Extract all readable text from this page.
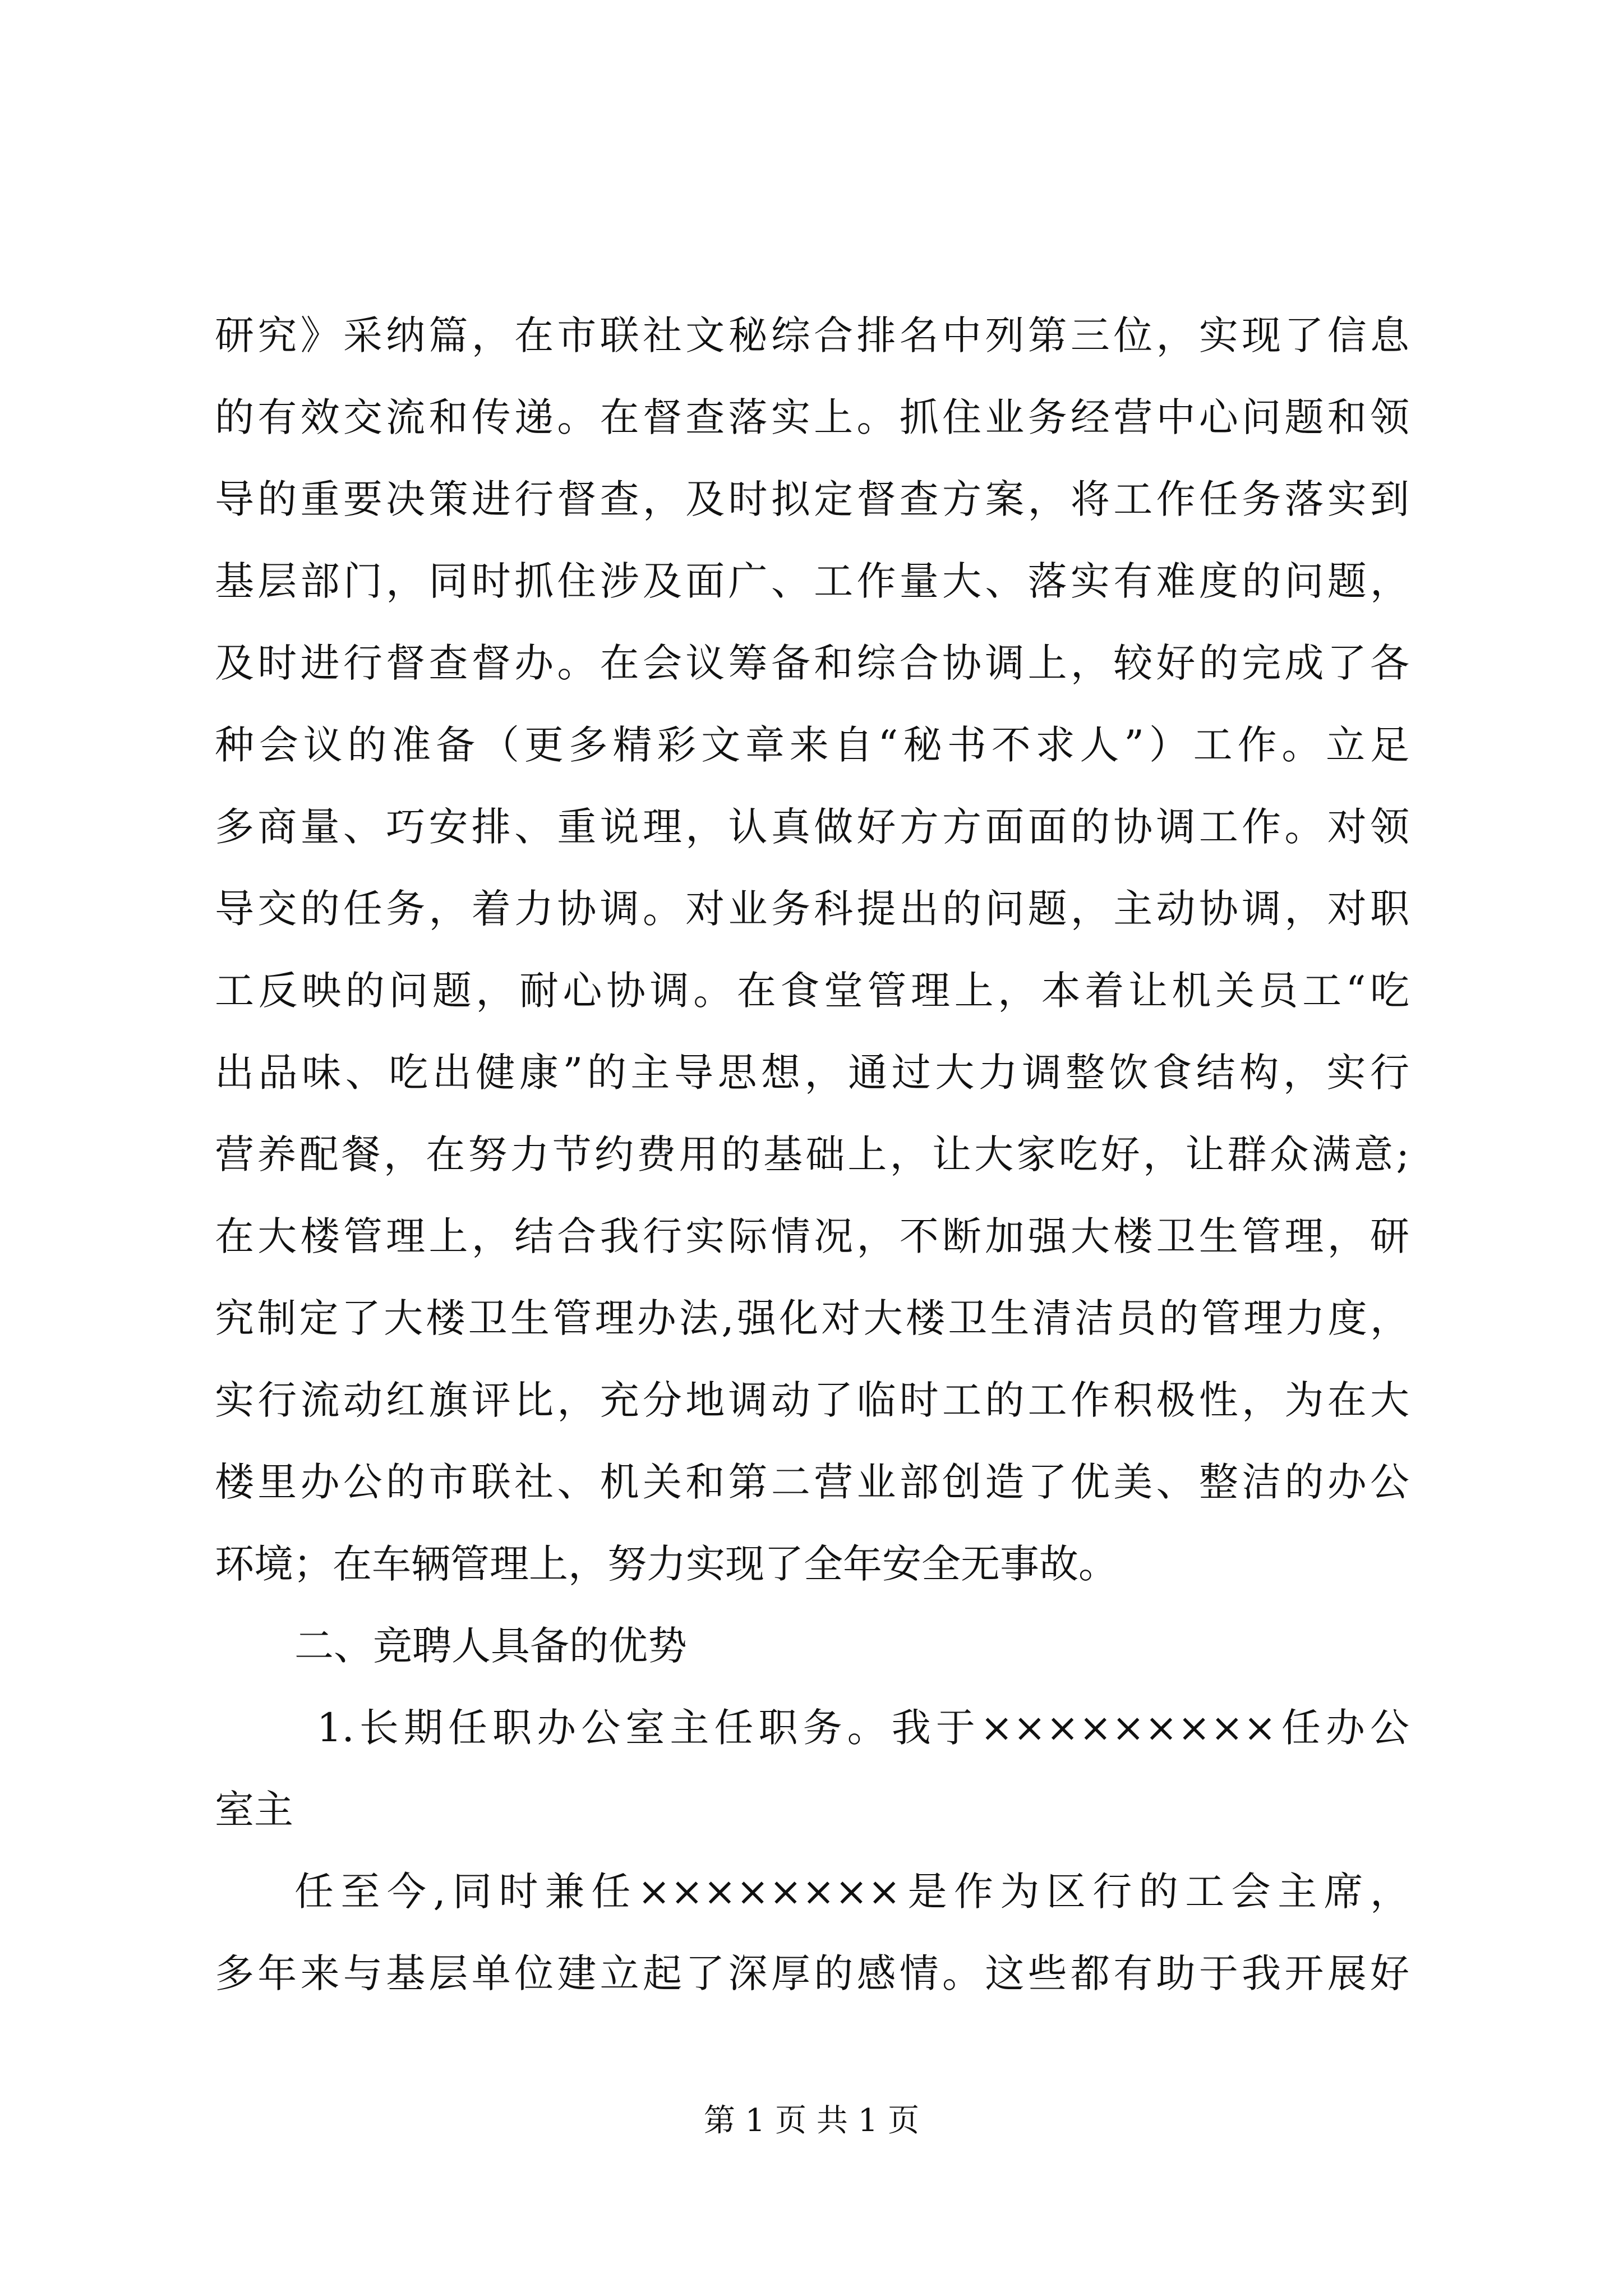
研究》采纳篇，在市联社文秘综合排名中列第三位，实现了信息
的有效交流和传递。在督查落实上。抓住业务经营中心问题和领
导的重要决策进行督查，及时拟定督查方案，将工作任务落实到
基层部门，同时抓住涉及面广、工作量大、落实有难度的问题，
及时进行督查督办。在会议筹备和综合协调上，较好的完成了各
种会议的准备（更多精彩文章来自“秘书不求人”）工作。立足
多商量、巧安排、重说理，认真做好方方面面的协调工作。对领
导交的任务，着力协调。对业务科提出的问题，主动协调，对职
工反映的问题，耐心协调。在食堂管理上，本着让机关员工“吃
出品味、吃出健康”的主导思想，通过大力调整饮食结构，实行
营养配餐，在努力节约费用的基础上，让大家吃好，让群众满意;
在大楼管理上，结合我行实际情况，不断加强大楼卫生管理，研
究制定了大楼卫生管理办法,强化对大楼卫生清洁员的管理力度，
实行流动红旗评比，充分地调动了临时工的工作积极性，为在大
楼里办公的市联社、机关和第二营业部创造了优美、整洁的办公
环境；在车辆管理上，努力实现了全年安全无事故。
二、竞聘人具备的优势
1.长期任职办公室主任职务。我于×××××××××任办公
室主
任至今,同时兼任××××××××是作为区行的工会主席，
多年来与基层单位建立起了深厚的感情。这些都有助于我开展好
第 1 页 共 1 页
